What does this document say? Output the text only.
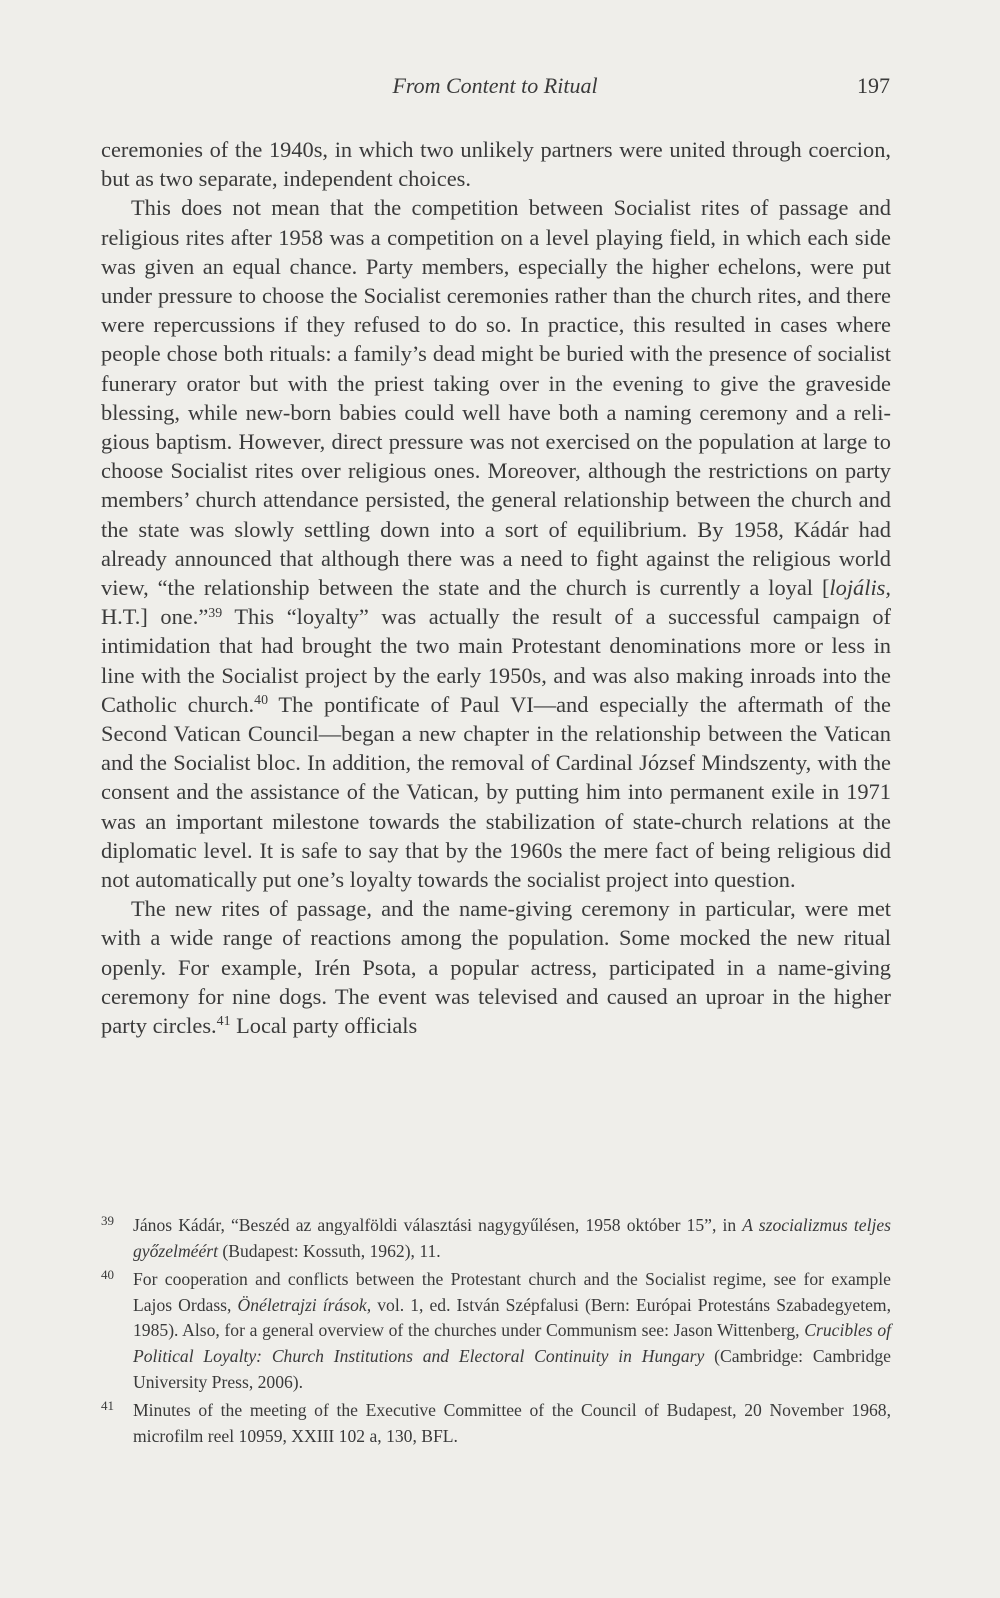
From Content to Ritual	197

ceremonies of the 1940s, in which two unlikely partners were united through coercion, but as two separate, independent choices.

This does not mean that the competition between Socialist rites of passage and religious rites after 1958 was a competition on a level playing field, in which each side was given an equal chance. Party members, especially the higher echelons, were put under pressure to choose the Socialist ceremonies rather than the church rites, and there were repercussions if they refused to do so. In practice, this resulted in cases where people chose both rituals: a family’s dead might be buried with the presence of socialist funerary orator but with the priest taking over in the evening to give the graveside blessing, while new-born babies could well have both a naming ceremony and a religious baptism. However, direct pressure was not exercised on the population at large to choose Socialist rites over religious ones. Moreover, although the restrictions on party members’ church attendance persisted, the general relationship between the church and the state was slowly settling down into a sort of equilibrium. By 1958, Kádár had already announced that although there was a need to fight against the religious world view, “the relationship between the state and the church is currently a loyal [lojális, H.T.] one.”$^{39}$ This “loyalty” was actually the result of a successful campaign of intimidation that had brought the two main Protestant denominations more or less in line with the Socialist project by the early 1950s, and was also making inroads into the Catholic church.$^{40}$ The pontificate of Paul VI—and especially the aftermath of the Second Vatican Council—began a new chapter in the relationship between the Vatican and the Socialist bloc. In addition, the removal of Cardinal József Mindszenty, with the consent and the assistance of the Vatican, by putting him into permanent exile in 1971 was an important milestone towards the stabilization of state-church relations at the diplomatic level. It is safe to say that by the 1960s the mere fact of being religious did not automatically put one’s loyalty towards the socialist project into question.

The new rites of passage, and the name-giving ceremony in particular, were met with a wide range of reactions among the population. Some mocked the new ritual openly. For example, Irén Psota, a popular actress, participated in a name-giving ceremony for nine dogs. The event was televised and caused an uproar in the higher party circles.$^{41}$ Local party officials

39 János Kádár, “Beszéd az angyalföldi választási nagygyűlésen, 1958 október 15”, in A szocializmus teljes győzelméért (Budapest: Kossuth, 1962), 11.
40 For cooperation and conflicts between the Protestant church and the Socialist regime, see for example Lajos Ordass, Önéletrajzi írások, vol. 1, ed. István Szépfalusi (Bern: Európai Protestáns Szabadegyetem, 1985). Also, for a general overview of the churches under Communism see: Jason Wittenberg, Crucibles of Political Loyalty: Church Institutions and Electoral Continuity in Hungary (Cambridge: Cambridge University Press, 2006).
41 Minutes of the meeting of the Executive Committee of the Council of Budapest, 20 November 1968, microfilm reel 10959, XXIII 102 a, 130, BFL.
